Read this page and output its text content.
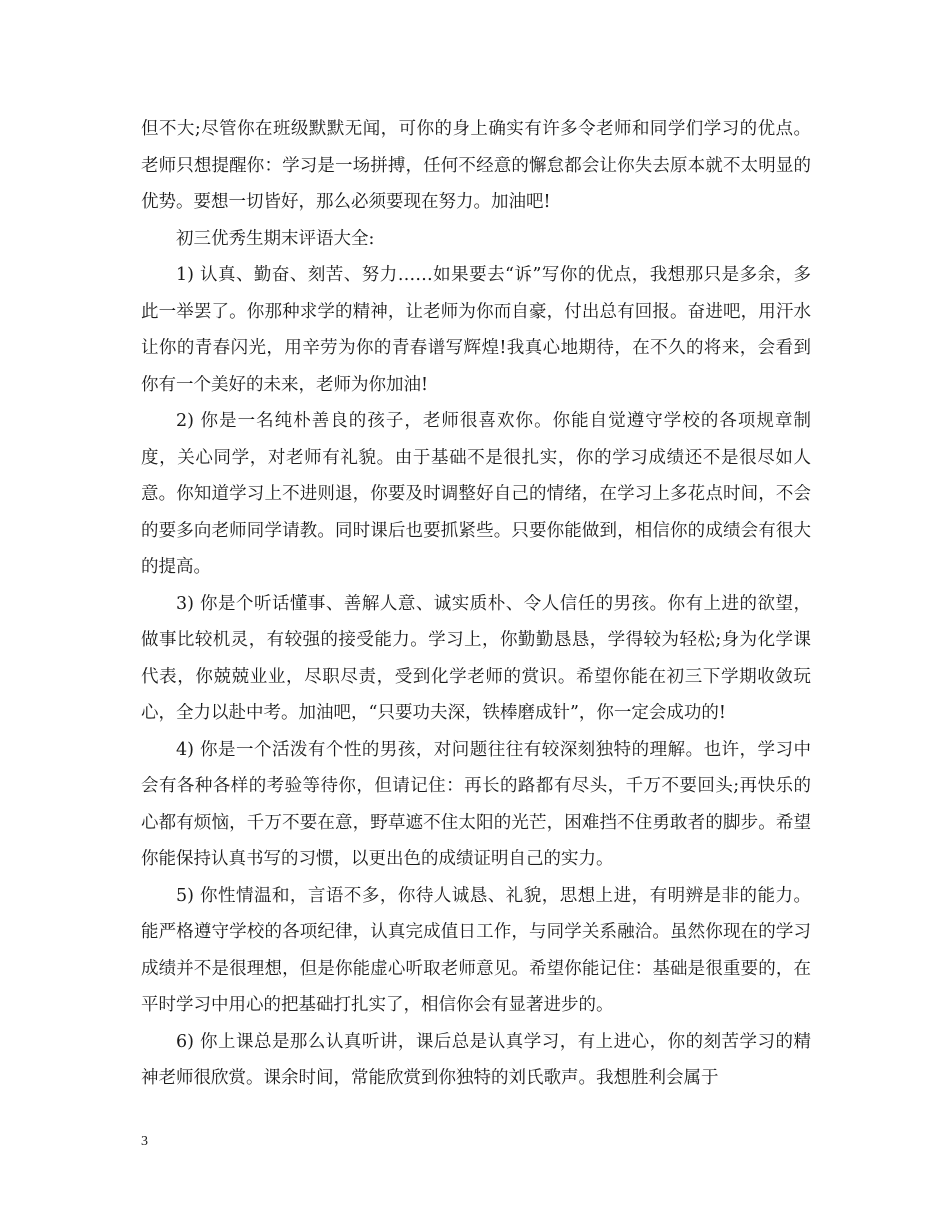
但不大;尽管你在班级默默无闻，可你的身上确实有许多令老师和同学们学习的优点。老师只想提醒你：学习是一场拼搏，任何不经意的懈怠都会让你失去原本就不太明显的优势。要想一切皆好，那么必须要现在努力。加油吧!

初三优秀生期末评语大全:

1) 认真、勤奋、刻苦、努力……如果要去“诉”写你的优点，我想那只是多余，多此一举罢了。你那种求学的精神，让老师为你而自豪，付出总有回报。奋进吧，用汗水让你的青春闪光，用辛劳为你的青春谱写辉煌!我真心地期待，在不久的将来，会看到你有一个美好的未来，老师为你加油!

2) 你是一名纯朴善良的孩子，老师很喜欢你。你能自觉遵守学校的各项规章制度，关心同学，对老师有礼貌。由于基础不是很扎实，你的学习成绩还不是很尽如人意。你知道学习上不进则退，你要及时调整好自己的情绪，在学习上多花点时间，不会的要多向老师同学请教。同时课后也要抓紧些。只要你能做到，相信你的成绩会有很大的提高。

3) 你是个听话懂事、善解人意、诚实质朴、令人信任的男孩。你有上进的欲望，做事比较机灵，有较强的接受能力。学习上，你勤勤恳恳，学得较为轻松;身为化学课代表，你兢兢业业，尽职尽责，受到化学老师的赏识。希望你能在初三下学期收敛玩心，全力以赴中考。加油吧，“只要功夫深，铁棒磨成针”，你一定会成功的!

4) 你是一个活泼有个性的男孩，对问题往往有较深刻独特的理解。也许，学习中会有各种各样的考验等待你，但请记住：再长的路都有尽头，千万不要回头;再快乐的心都有烦恼，千万不要在意，野草遮不住太阳的光芒，困难挡不住勇敢者的脚步。希望你能保持认真书写的习惯，以更出色的成绩证明自己的实力。

5) 你性情温和，言语不多，你待人诚恳、礼貌，思想上进，有明辨是非的能力。能严格遵守学校的各项纪律，认真完成值日工作，与同学关系融洽。虽然你现在的学习成绩并不是很理想，但是你能虚心听取老师意见。希望你能记住：基础是很重要的，在平时学习中用心的把基础打扎实了，相信你会有显著进步的。

6) 你上课总是那么认真听讲，课后总是认真学习，有上进心，你的刻苦学习的精神老师很欣赏。课余时间，常能欣赏到你独特的刘氏歌声。我想胜利会属于

3
